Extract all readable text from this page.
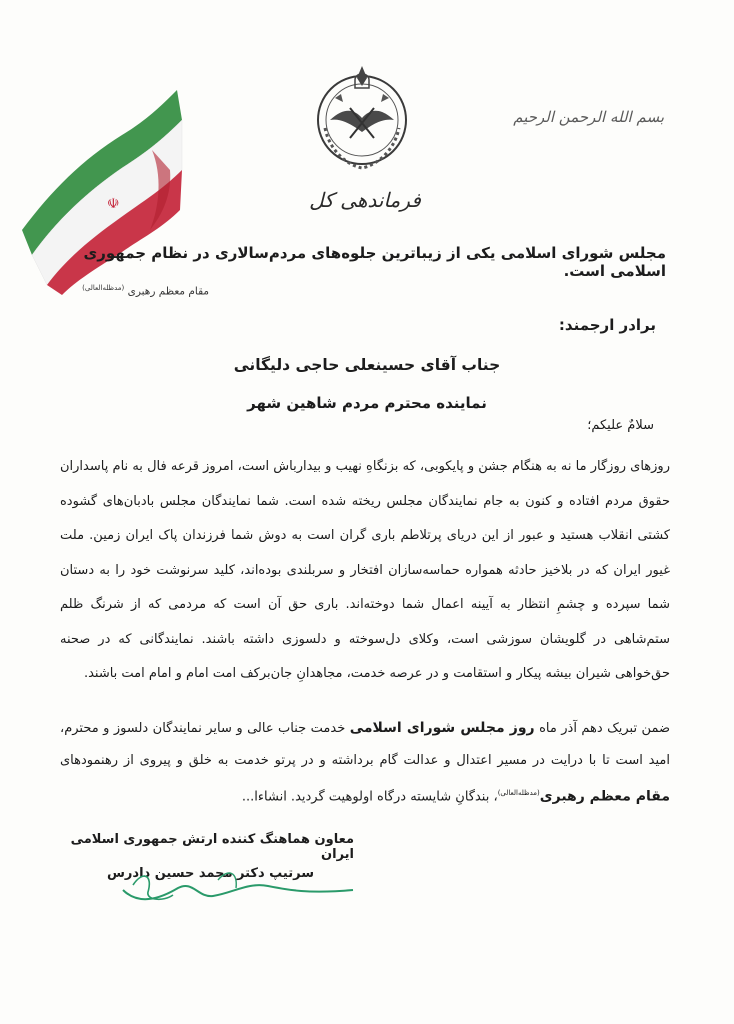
☫
بسم الله الرحمن الرحيم
فرماندهی کل
مجلس شورای اسلامی یکی از زیباترین جلوه‌های مردم‌سالاری در نظام جمهوری اسلامی است.
مقام معظم رهبری $^{(مدظله‌العالی)}$
برادر ارجمند:
جناب آقای حسینعلی حاجی دلیگانی
نماینده محترم مردم شاهین شهر
سلامٌ علیکم؛
روزهای روزگار ما نه به هنگام جشن و پایکوبی، که بزنگاهِ نهیب و بیدارباش است، امروز قرعه فال به نام پاسداران حقوق مردم افتاده و کنون به جام نمایندگان مجلس ریخته شده است. شما نمایندگان مجلس بادبان‌های گشوده کشتی انقلاب هستید و عبور از این دریای پرتلاطم باری گران است به دوش شما فرزندان پاک ایران زمین. ملت غیور ایران که در بلاخیز حادثه همواره حماسه‌سازان افتخار و سربلندی بوده‌اند، کلید سرنوشت خود را به دستان شما سپرده و چشمِ انتظار به آیینه اعمال شما دوخته‌اند. باری حق آن است که مردمی که از شرنگ ظلم ستم‌شاهی در گلویشان سوزشی است، وکلای دل‌سوخته و دلسوزی داشته باشند. نمایندگانی که در صحنه حق‌خواهی شیران بیشه پیکار و استقامت و در عرصه خدمت، مجاهدانِ جان‌برکف امت امام و امام امت باشند.
ضمن تبریک دهم آذر ماه روز مجلس شورای اسلامی خدمت جناب عالی و سایر نمایندگان دلسوز و محترم، امید است تا با درایت در مسیر اعتدال و عدالت گام برداشته و در پرتو خدمت به خلق و پیروی از رهنمودهای مقام معظم رهبری$^{(مدظله‌العالی)}$، بندگانِ شایسته درگاه اولوهیت گردید. انشاءا...
معاون هماهنگ کننده ارتش جمهوری اسلامی ایران
سرتیپ دکتر محمد حسین دادرس
